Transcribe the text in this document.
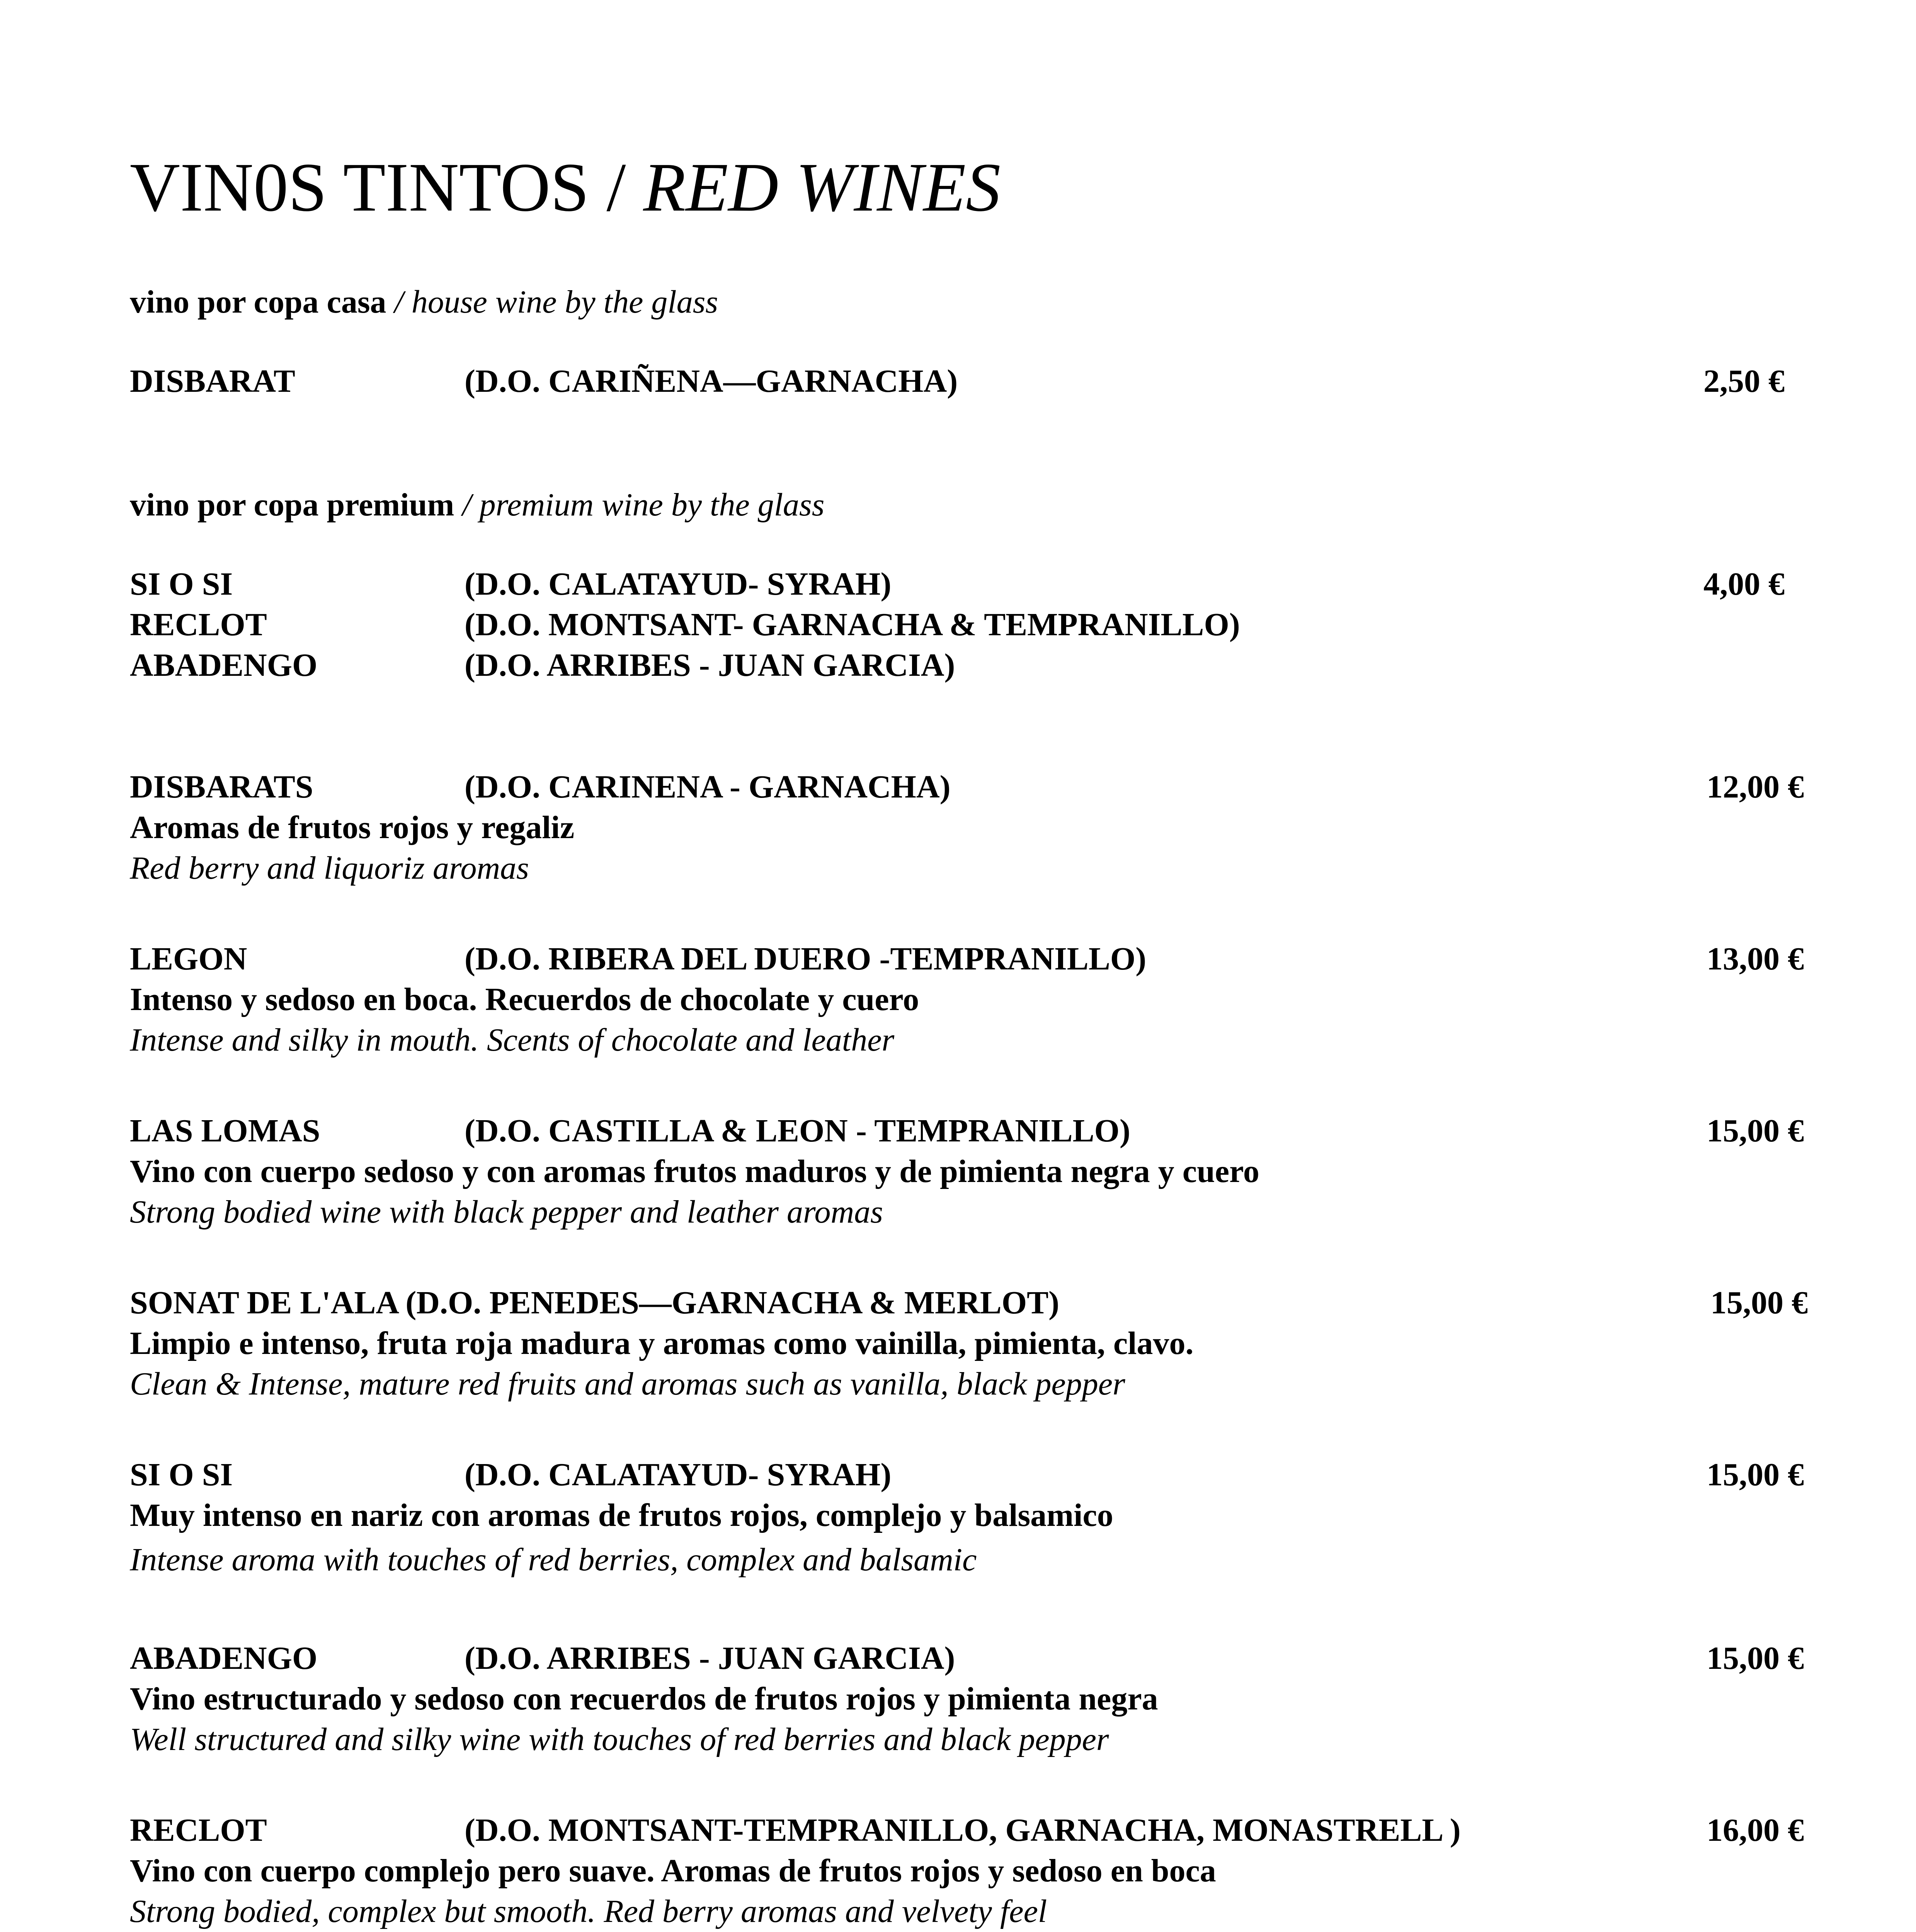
VIN0S TINTOS / RED WINES
vino por copa casa / house wine by the glass
DISBARAT	(D.O. CARIÑENA—GARNACHA)	2,50 €
vino por copa premium / premium wine by the glass
SI O SI	(D.O. CALATAYUD- SYRAH)	4,00 €
RECLOT	(D.O. MONTSANT- GARNACHA & TEMPRANILLO)
ABADENGO	(D.O. ARRIBES - JUAN GARCIA)
DISBARATS	(D.O. CARINENA - GARNACHA)	12,00 €
Aromas de frutos rojos y regaliz
Red berry and liquoriz aromas
LEGON	(D.O. RIBERA DEL DUERO -TEMPRANILLO)	13,00 €
Intenso y sedoso en boca. Recuerdos de chocolate y cuero
Intense and silky in mouth. Scents of chocolate and leather
LAS LOMAS	(D.O. CASTILLA & LEON - TEMPRANILLO)	15,00 €
Vino con cuerpo sedoso y con aromas frutos maduros y de pimienta negra y cuero
Strong bodied wine with black pepper and leather aromas
SONAT DE L'ALA (D.O. PENEDES—GARNACHA & MERLOT)	15,00 €
Limpio e intenso, fruta roja madura y aromas como vainilla, pimienta, clavo.
Clean & Intense, mature red fruits and aromas such as vanilla, black pepper
SI O SI	(D.O. CALATAYUD- SYRAH)	15,00 €
Muy intenso en nariz con aromas de frutos rojos, complejo y balsamico
Intense aroma with touches of red berries, complex and balsamic
ABADENGO	(D.O. ARRIBES - JUAN GARCIA)	15,00 €
Vino estructurado y sedoso con recuerdos de frutos rojos y pimienta negra
Well structured and silky wine with touches of red berries and black pepper
RECLOT	(D.O. MONTSANT-TEMPRANILLO, GARNACHA, MONASTRELL )	16,00 €
Vino con cuerpo complejo pero suave. Aromas de frutos rojos y sedoso en boca
Strong bodied, complex but smooth. Red berry aromas and velvety feel
